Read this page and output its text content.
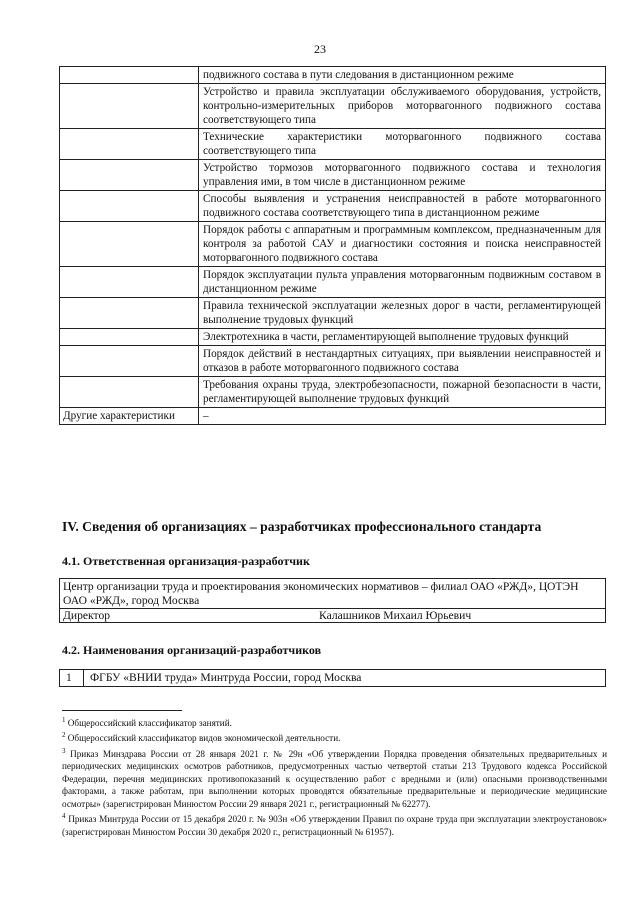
23
	подвижного состава в пути следования в дистанционном режиме
	Устройство и правила эксплуатации обслуживаемого оборудования, устройств, контрольно-измерительных приборов моторвагонного подвижного состава соответствующего типа
	Технические характеристики моторвагонного подвижного состава соответствующего типа
	Устройство тормозов моторвагонного подвижного состава и технология управления ими, в том числе в дистанционном режиме
	Способы выявления и устранения неисправностей в работе моторвагонного подвижного состава соответствующего типа в дистанционном режиме
	Порядок работы с аппаратным и программным комплексом, предназначенным для контроля за работой САУ и диагностики состояния и поиска неисправностей моторвагонного подвижного состава
	Порядок эксплуатации пульта управления моторвагонным подвижным составом в дистанционном режиме
	Правила технической эксплуатации железных дорог в части, регламентирующей выполнение трудовых функций
	Электротехника в части, регламентирующей выполнение трудовых функций
	Порядок действий в нестандартных ситуациях, при выявлении неисправностей и отказов в работе моторвагонного подвижного состава
	Требования охраны труда, электробезопасности, пожарной безопасности в части, регламентирующей выполнение трудовых функций
Другие характеристики	–
IV. Сведения об организациях – разработчиках профессионального стандарта
4.1. Ответственная организация-разработчик
Центр организации труда и проектирования экономических нормативов – филиал ОАО «РЖД», ЦОТЭН ОАО «РЖД», город Москва
Директор	Калашников Михаил Юрьевич
4.2. Наименования организаций-разработчиков
1	ФГБУ «ВНИИ труда» Минтруда России, город Москва

$^1$ Общероссийский классификатор занятий.

$^2$ Общероссийский классификатор видов экономической деятельности.

$^3$ Приказ Минздрава России от 28 января 2021 г. № 29н «Об утверждении Порядка проведения обязательных предварительных и периодических медицинских осмотров работников, предусмотренных частью четвертой статьи 213 Трудового кодекса Российской Федерации, перечня медицинских противопоказаний к осуществлению работ с вредными и (или) опасными производственными факторами, а также работам, при выполнении которых проводятся обязательные предварительные и периодические медицинские осмотры» (зарегистрирован Минюстом России 29 января 2021 г., регистрационный № 62277).

$^4$ Приказ Минтруда России от 15 декабря 2020 г. № 903н «Об утверждении Правил по охране труда при эксплуатации электроустановок» (зарегистрирован Минюстом России 30 декабря 2020 г., регистрационный № 61957).
